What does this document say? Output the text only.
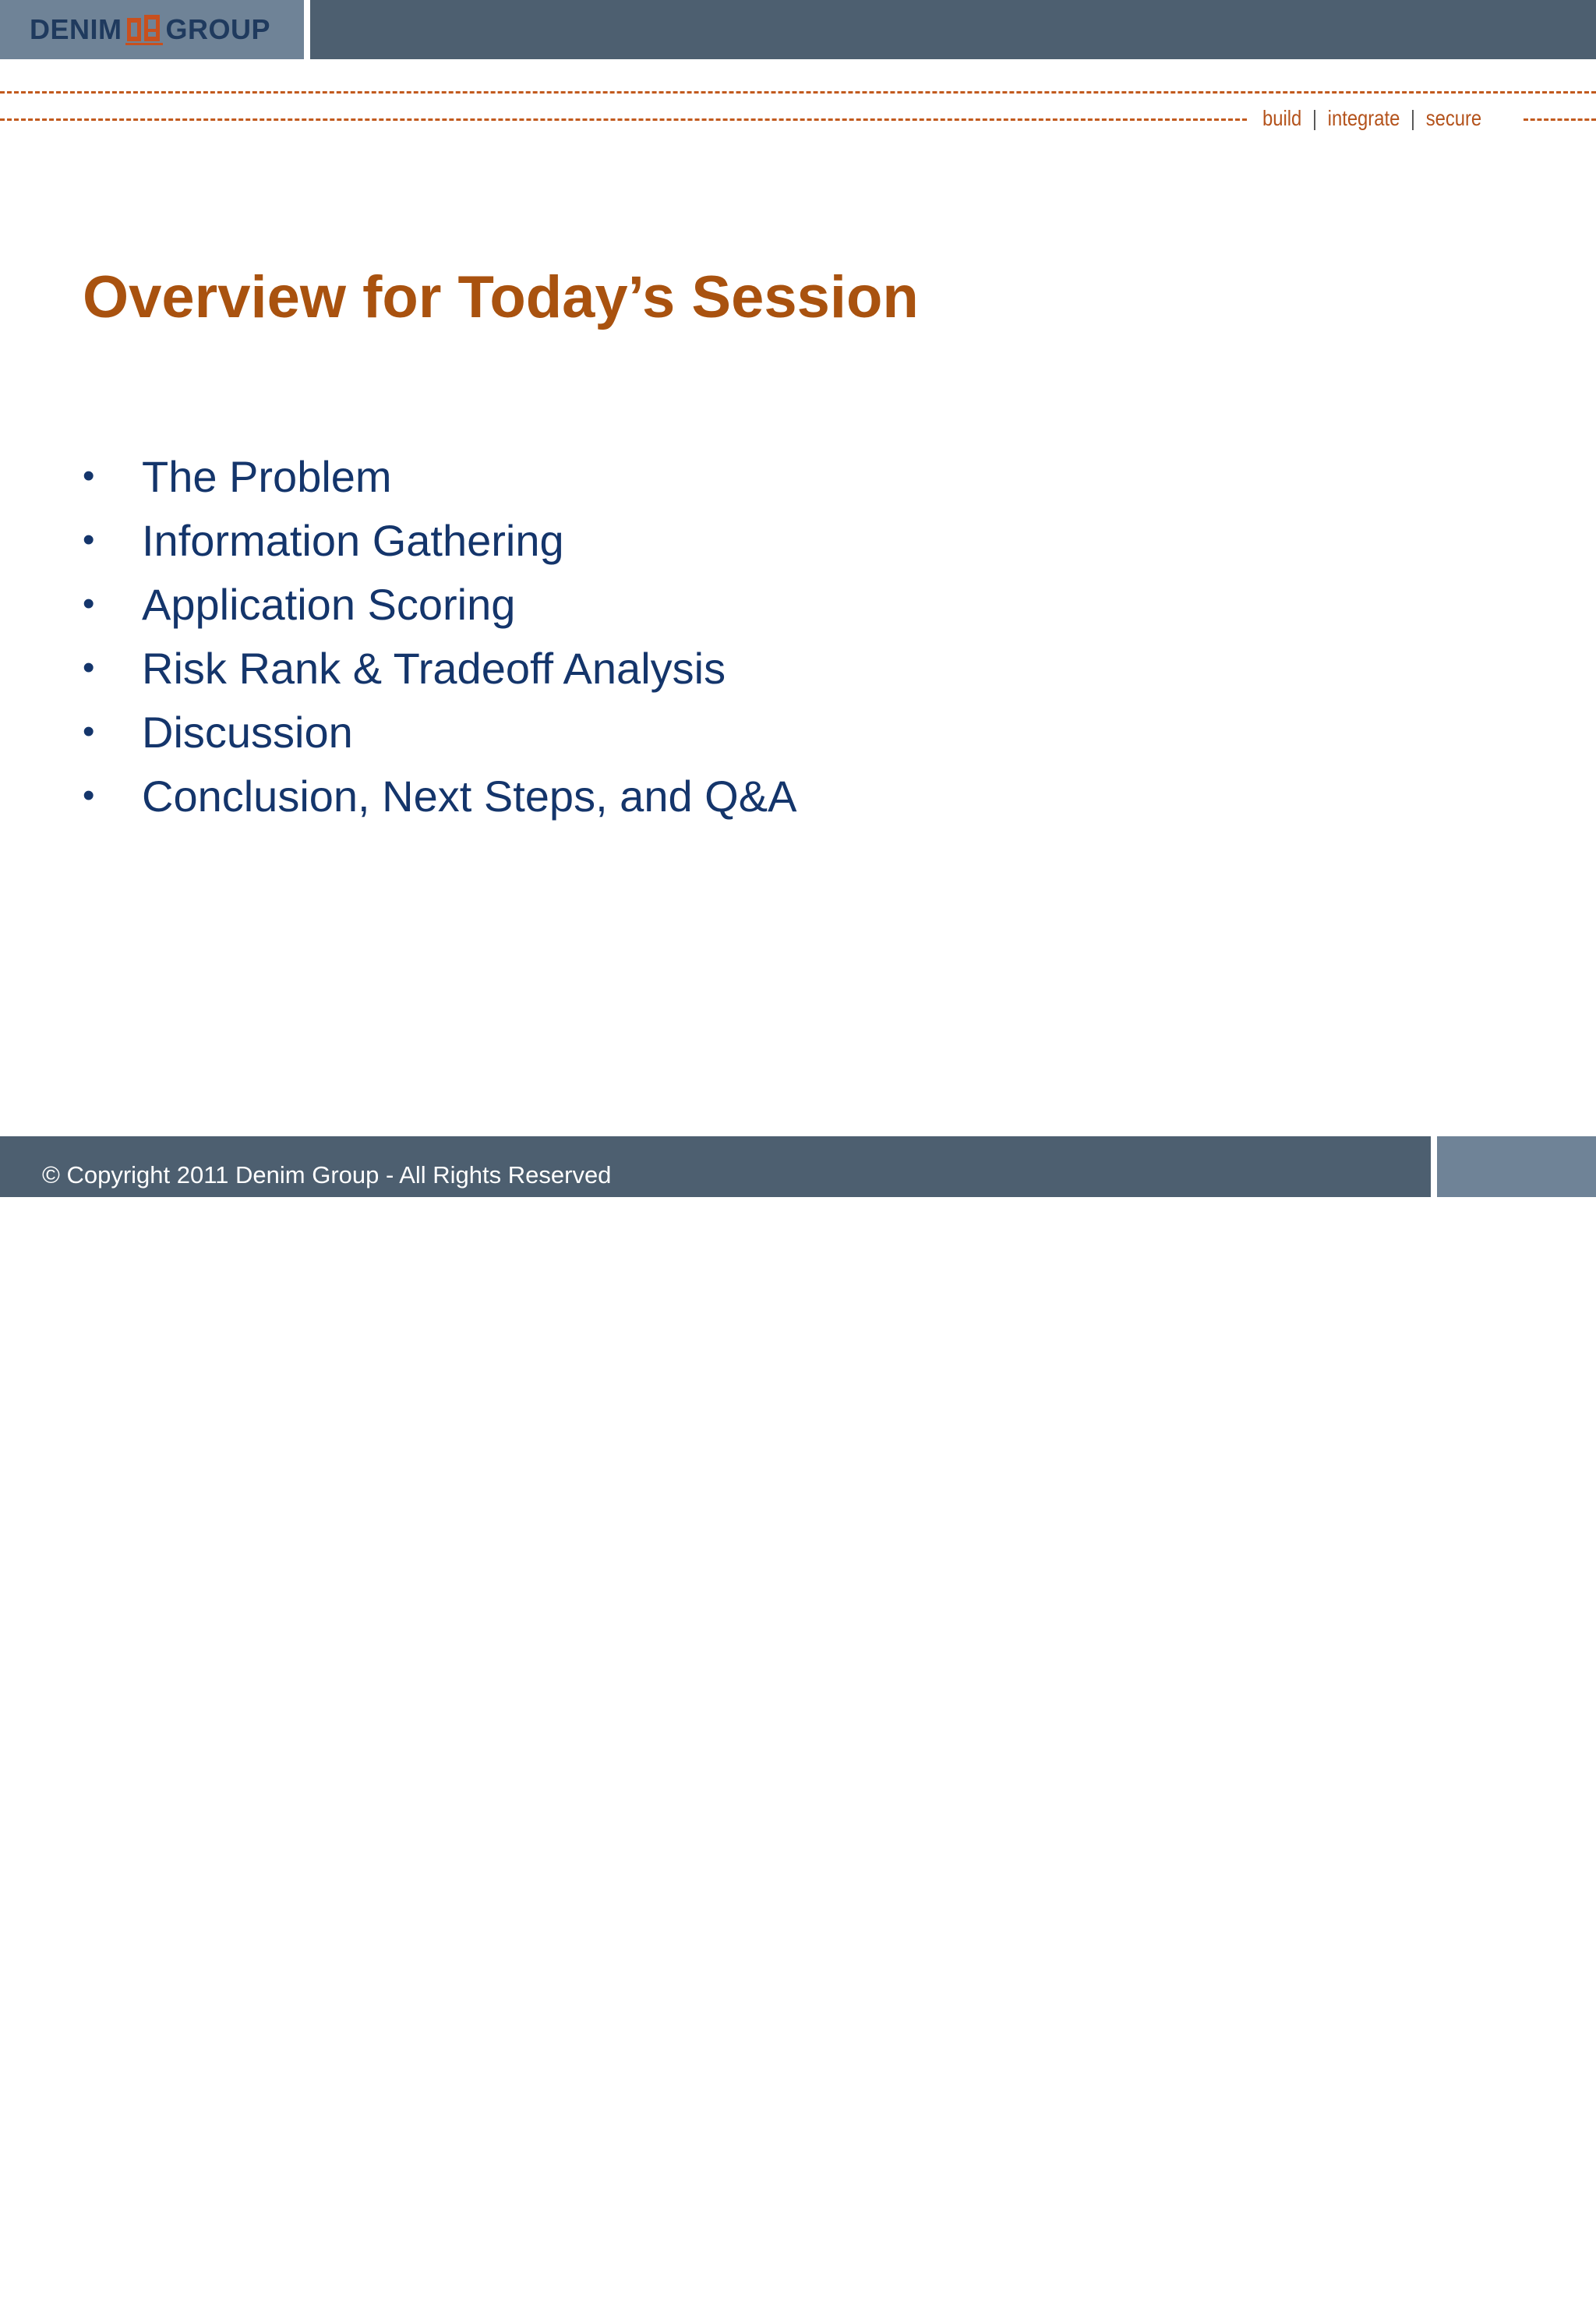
DENIM GROUP
build | integrate | secure
Overview for Today’s Session
•	The Problem
•	Information Gathering
•	Application Scoring
•	Risk Rank & Tradeoff Analysis
•	Discussion
•	Conclusion, Next Steps, and Q&A
1
© Copyright 2011 Denim Group - All Rights Reserved
